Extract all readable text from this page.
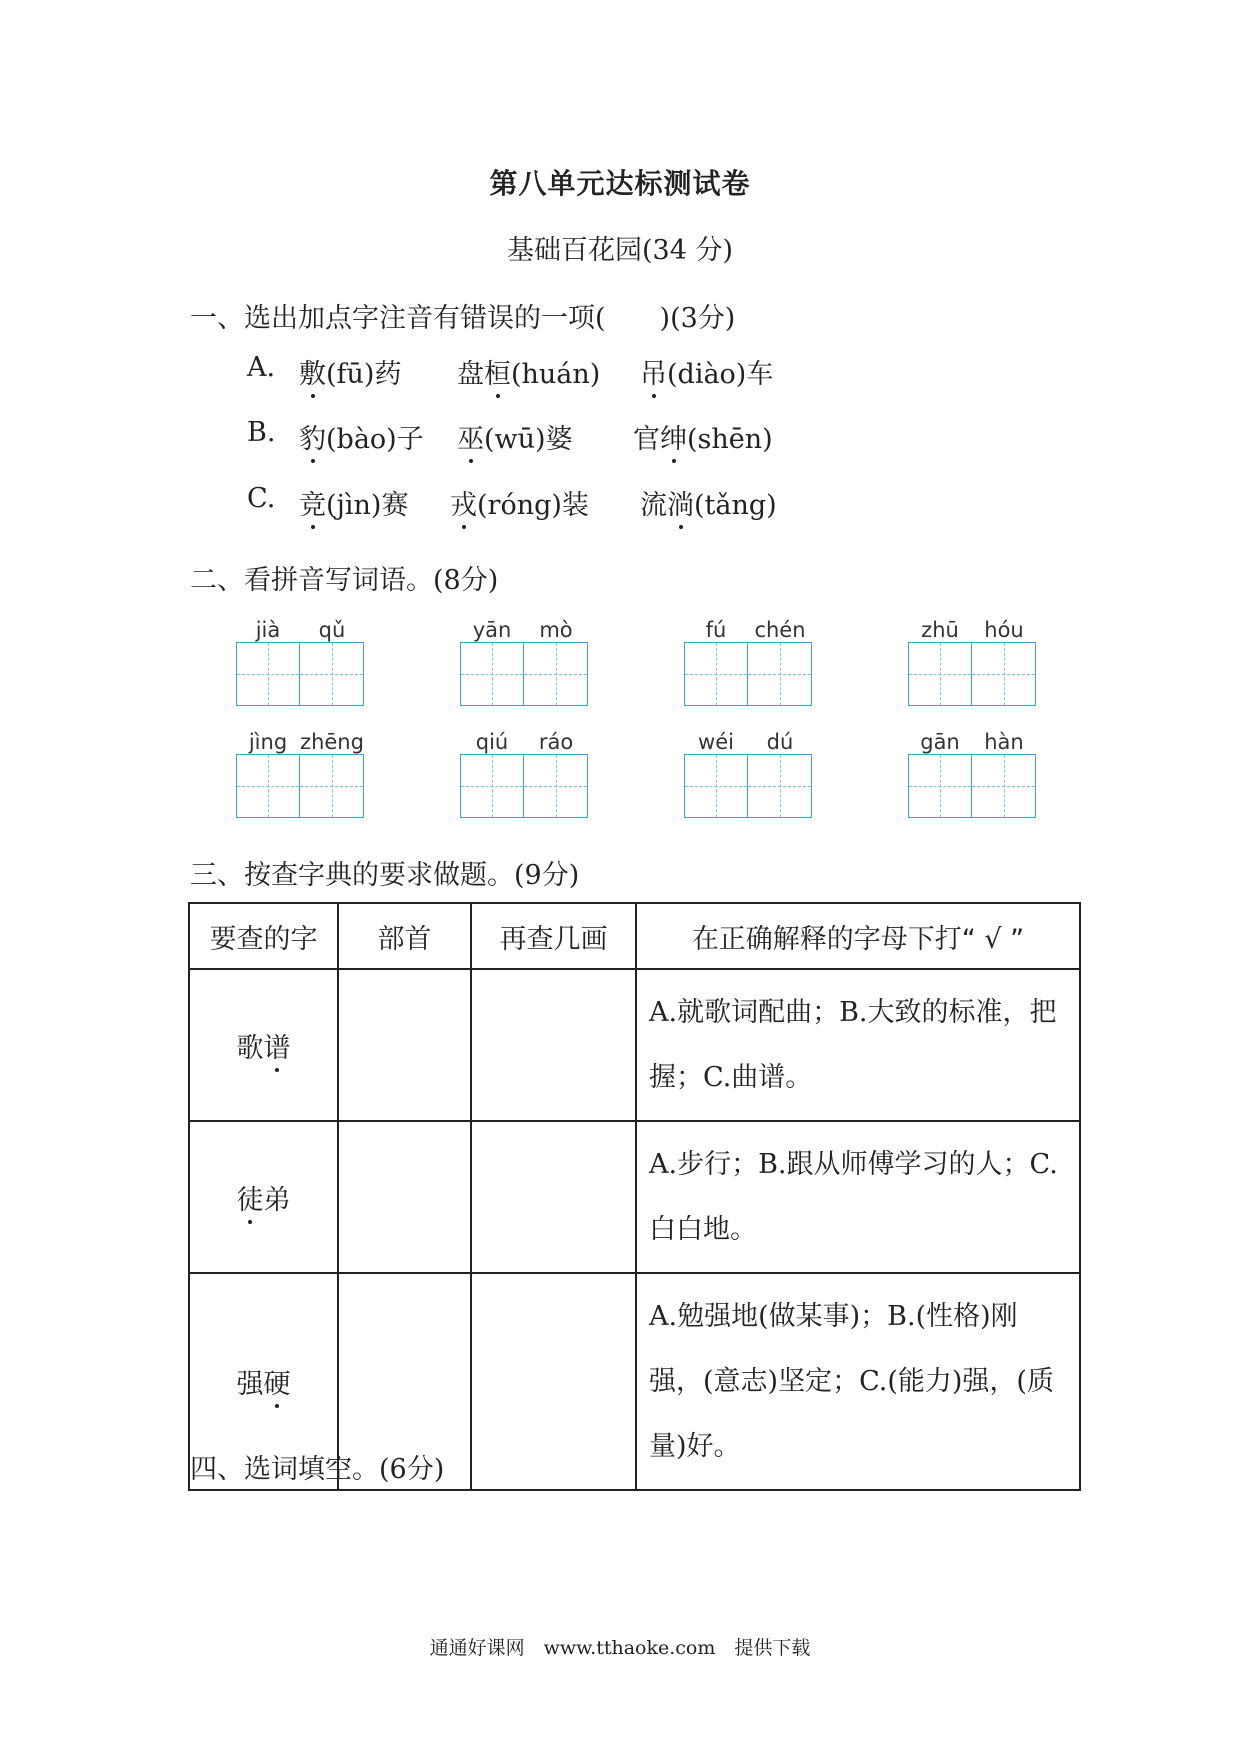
第八单元达标测试卷
基础百花园(34 分)
一、选出加点字注音有错误的一项(　　)(3分)
A. 敷(fū)药 盘桓(huán) 吊(diào)车
B. 豹(bào)子 巫(wū)婆 官绅(shēn)
C. 竞(jìn)赛 戎(róng)装 流淌(tǎng)
二、看拼音写词语。(8分)
jià	qǔ	yān	mò	fú	chén	zhū	hóu
jìng zhēng	qiú	ráo	wéi	dú	gān	hàn
三、按查字典的要求做题。(9分)
要查的字	部首	再查几画	在正确解释的字母下打“ √ ”
歌谱			A.就歌词配曲；B.大致的标准，把握；C.曲谱。
徒弟			A.步行；B.跟从师傅学习的人；C.　白白地。
强硬			A.勉强地(做某事)；B.(性格)刚强，(意志)坚定；C.(能力)强，(质量)好。
四、选词填空。(6分)
通通好课网　www.tthaoke.com　提供下载
